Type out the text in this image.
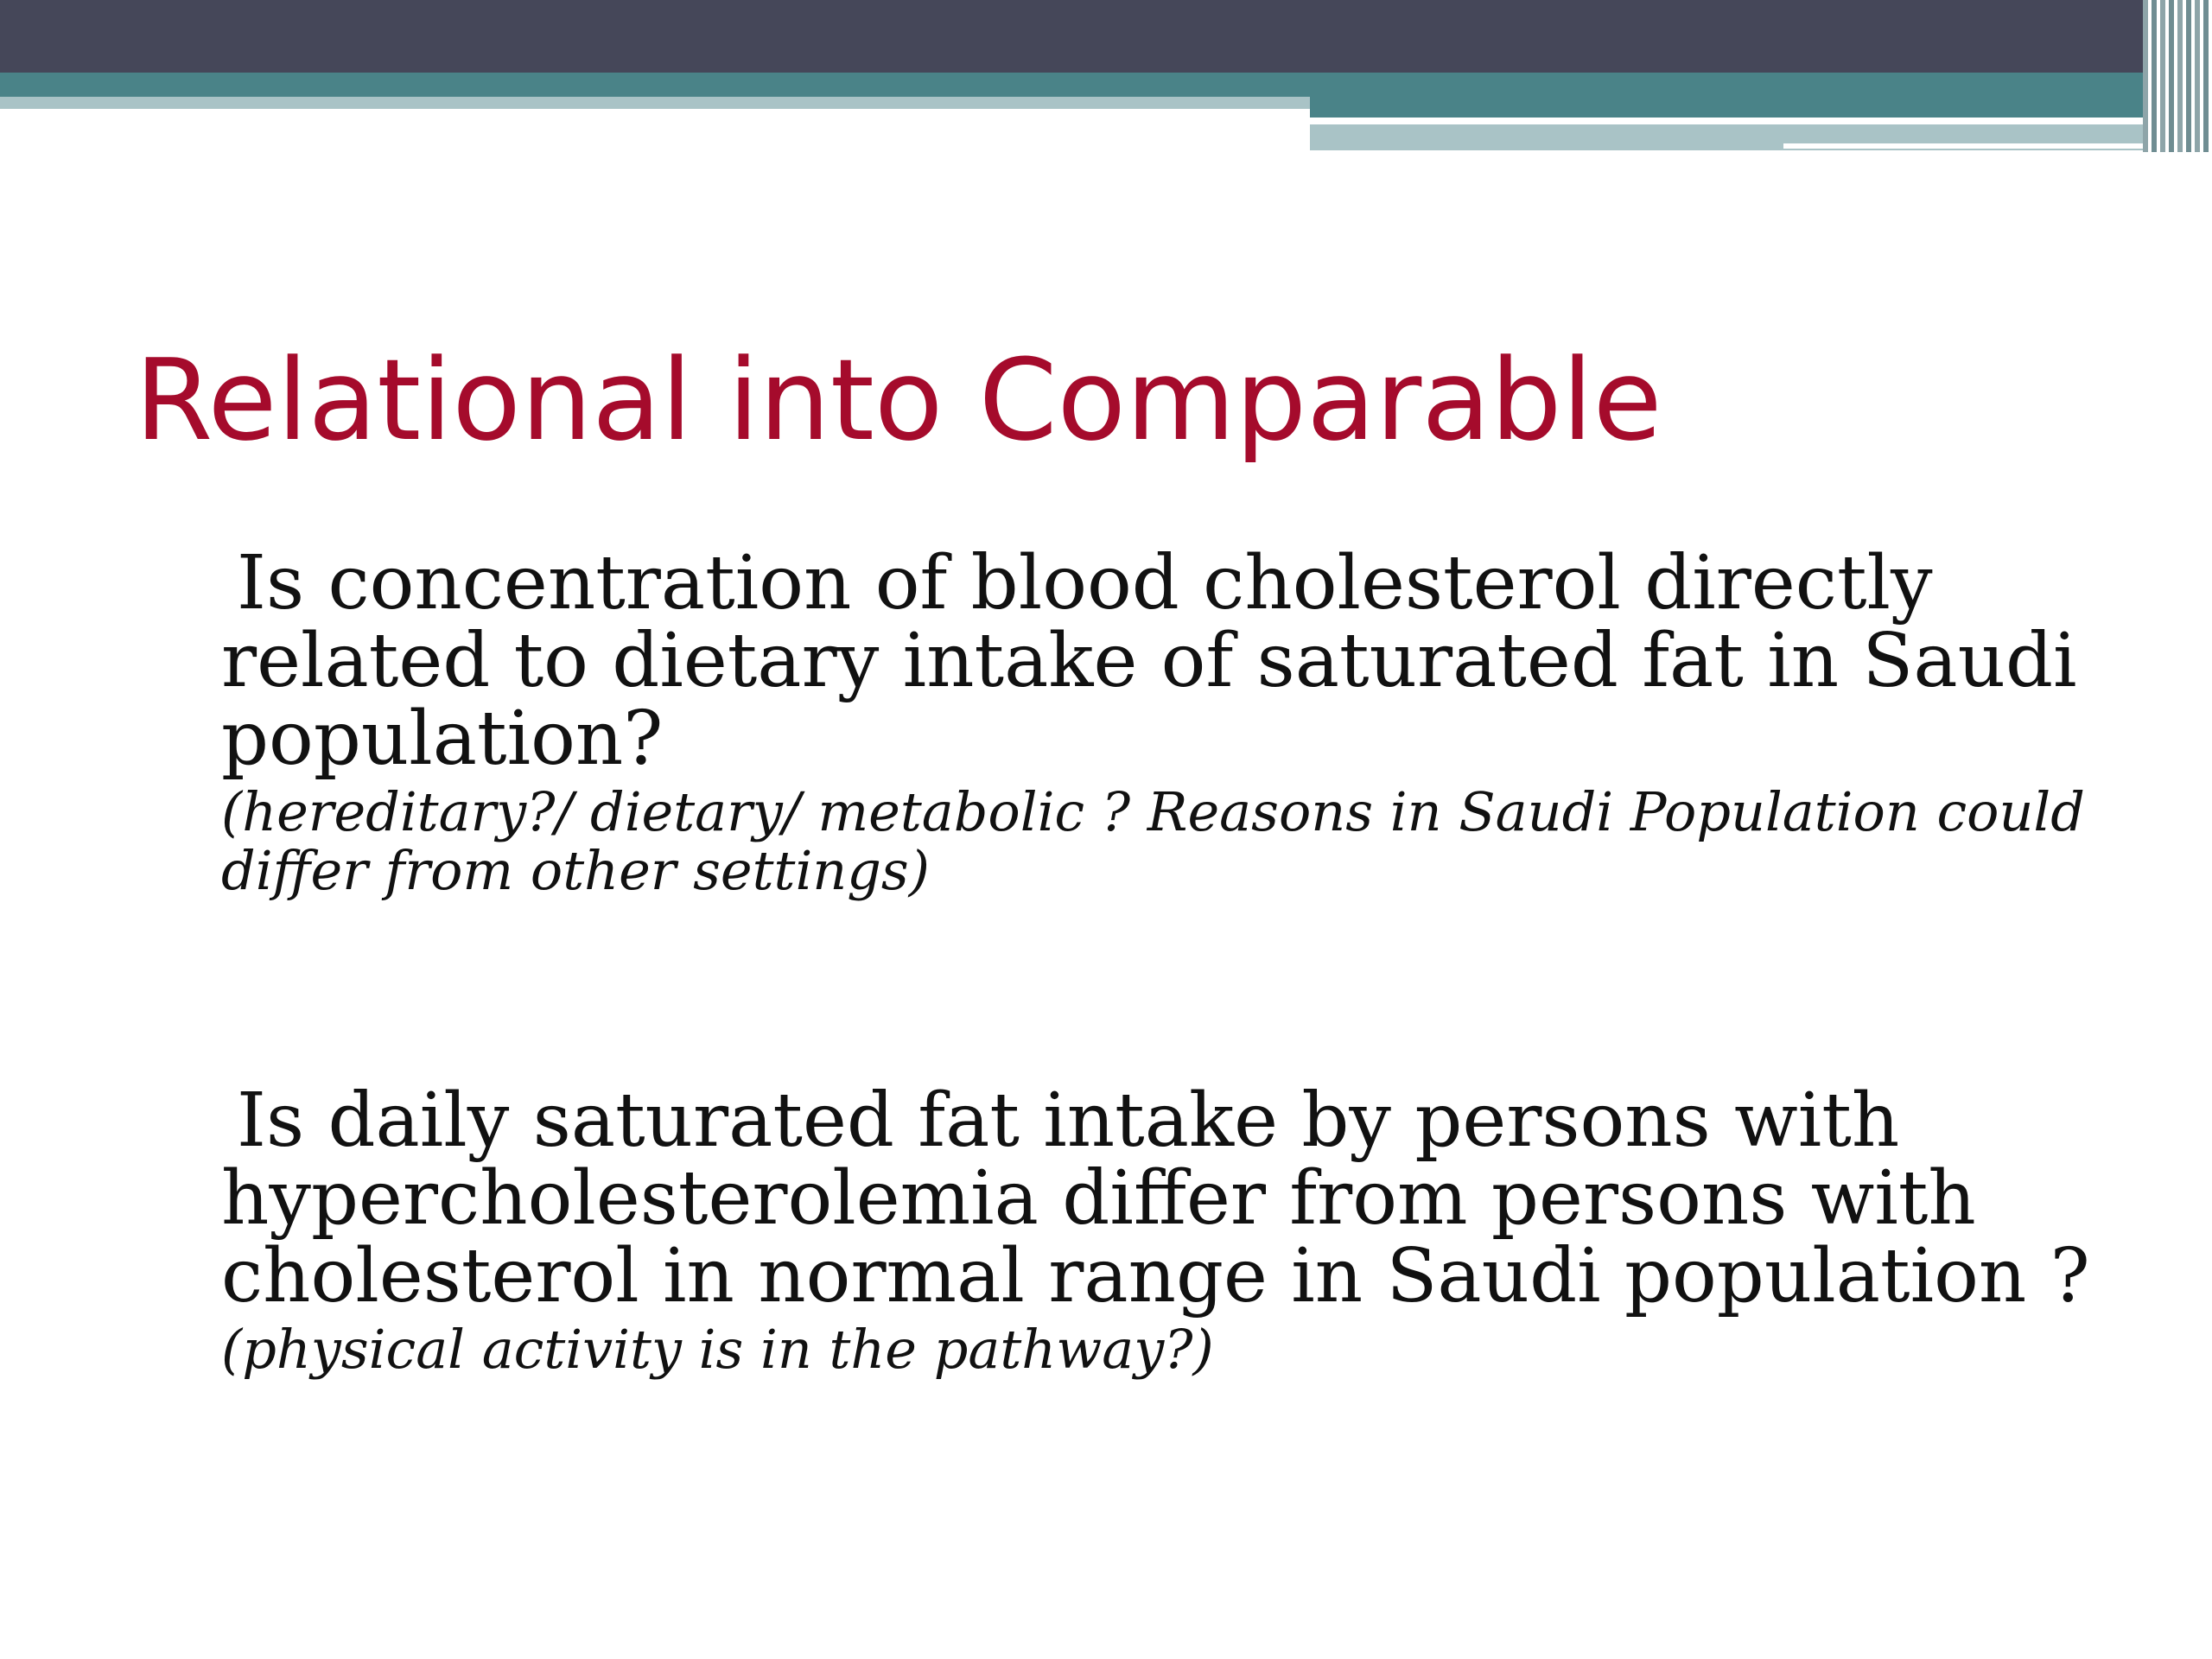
Relational into Comparable

Is concentration of blood cholesterol directly related to dietary intake of saturated fat in Saudi population?

(hereditary?/ dietary/ metabolic ? Reasons in Saudi Population could differ from other settings)

Is daily saturated fat intake by persons with hypercholesterolemia differ from persons with cholesterol in normal range in Saudi population ?

(physical activity is in the pathway?)
